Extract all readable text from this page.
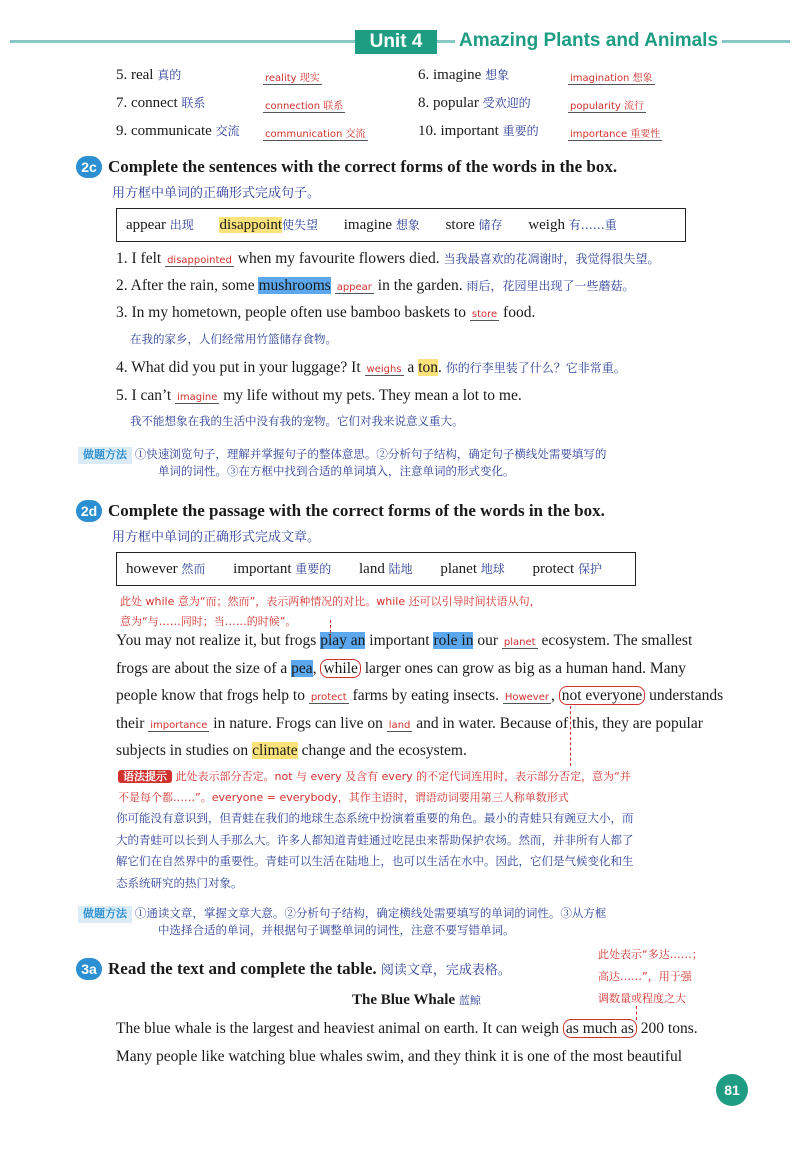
Unit 4	Amazing Plants and Animals
5. real 真的	reality 现实	6. imagine 想象	imagination 想象
7. connect 联系	connection 联系	8. popular 受欢迎的	popularity 流行
9. communicate 交流	communication 交流	10. important 重要的	importance 重要性
2c Complete the sentences with the correct forms of the words in the box.
用方框中单词的正确形式完成句子。
appear 出现 disappoint使失望 imagine 想象 store 储存 weigh 有……重
1. I felt disappointed when my favourite flowers died. 当我最喜欢的花凋谢时，我觉得很失望。
2. After the rain, some mushrooms appear in the garden. 雨后，花园里出现了一些蘑菇。
3. In my hometown, people often use bamboo baskets to store food.
在我的家乡，人们经常用竹篮储存食物。
4. What did you put in your luggage? It weighs a ton. 你的行李里装了什么？它非常重。
5. I can’t imagine my life without my pets. They mean a lot to me.
我不能想象在我的生活中没有我的宠物。它们对我来说意义重大。
做题方法 ①快速浏览句子，理解并掌握句子的整体意思。②分析句子结构，确定句子横线处需要填写的
单词的词性。③在方框中找到合适的单词填入，注意单词的形式变化。
2d Complete the passage with the correct forms of the words in the box.
用方框中单词的正确形式完成文章。
however 然而 important 重要的 land 陆地 planet 地球 protect 保护
此处 while 意为“而；然而”，表示两种情况的对比。while 还可以引导时间状语从句，
意为“与……同时；当……的时候”。
You may not realize it, but frogs play an important role in our planet ecosystem. The smallest
frogs are about the size of a pea, while larger ones can grow as big as a human hand. Many
people know that frogs help to protect farms by eating insects. However , not everyone understands
their importance in nature. Frogs can live on land and in water. Because of this, they are popular
subjects in studies on climate change and the ecosystem.
语法提示 此处表示部分否定。not 与 every 及含有 every 的不定代词连用时，表示部分否定，意为“并
不是每个都……”。everyone = everybody，其作主语时，谓语动词要用第三人称单数形式
你可能没有意识到，但青蛙在我们的地球生态系统中扮演着重要的角色。最小的青蛙只有豌豆大小，而
大的青蛙可以长到人手那么大。许多人都知道青蛙通过吃昆虫来帮助保护农场。然而，并非所有人都了
解它们在自然界中的重要性。青蛙可以生活在陆地上，也可以生活在水中。因此，它们是气候变化和生
态系统研究的热门对象。
做题方法 ①通读文章，掌握文章大意。②分析句子结构，确定横线处需要填写的单词的词性。③从方框
中选择合适的单词，并根据句子调整单词的词性，注意不要写错单词。
3a Read the text and complete the table. 阅读文章，完成表格。
此处表示“多达……；
高达……”，用于强
调数量或程度之大
The Blue Whale 蓝鲸
The blue whale is the largest and heaviest animal on earth. It can weigh as much as 200 tons.
Many people like watching blue whales swim, and they think it is one of the most beautiful
81
